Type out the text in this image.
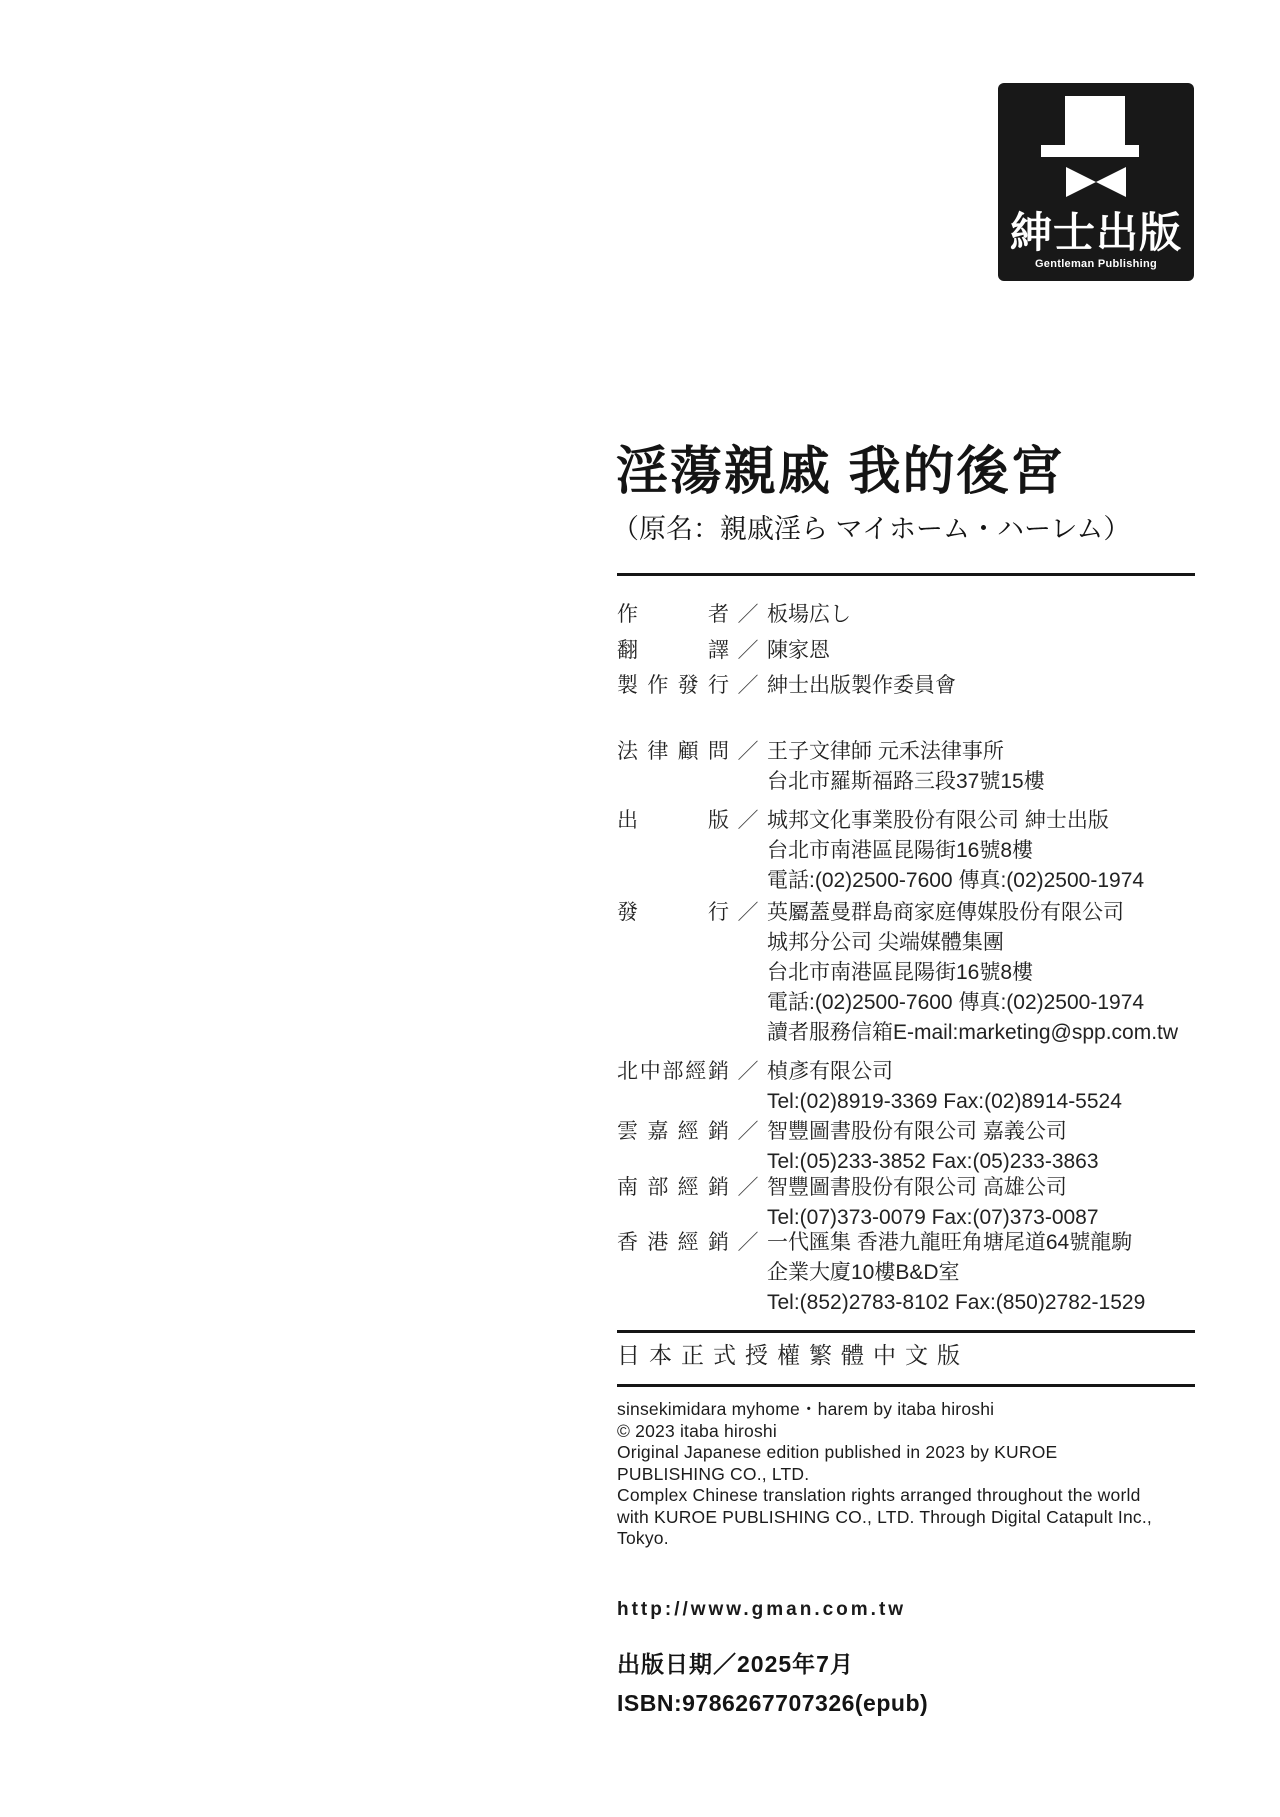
紳士出版
Gentleman Publishing
淫蕩親戚 我的後宮
（原名：親戚淫ら マイホーム・ハーレム）
作	者 ／ 板場広し
翻	譯 ／ 陳家恩
製 作 發 行 ／ 紳士出版製作委員會
法 律 顧 問 ／ 王子文律師 元禾法律事所
台北市羅斯福路三段37號15樓
出	版 ／ 城邦文化事業股份有限公司 紳士出版
台北市南港區昆陽街16號8樓
電話:(02)2500-7600 傳真:(02)2500-1974
發	行 ／ 英屬蓋曼群島商家庭傳媒股份有限公司
城邦分公司 尖端媒體集團
台北市南港區昆陽街16號8樓
電話:(02)2500-7600 傳真:(02)2500-1974
讀者服務信箱E-mail:marketing@spp.com.tw
北 中 部 經 銷 ／ 楨彥有限公司
Tel:(02)8919-3369 Fax:(02)8914-5524
雲 嘉 經 銷 ／ 智豐圖書股份有限公司 嘉義公司
Tel:(05)233-3852 Fax:(05)233-3863
南 部 經 銷 ／ 智豐圖書股份有限公司 高雄公司
Tel:(07)373-0079 Fax:(07)373-0087
香 港 經 銷 ／ 一代匯集 香港九龍旺角塘尾道64號龍駒
企業大廈10樓B&D室
Tel:(852)2783-8102 Fax:(850)2782-1529
日本正式授權繁體中文版
sinsekimidara myhome・harem by itaba hiroshi
© 2023 itaba hiroshi
Original Japanese edition published in 2023 by KUROE
PUBLISHING CO., LTD.
Complex Chinese translation rights arranged throughout the world
with KUROE PUBLISHING CO., LTD. Through Digital Catapult Inc.,
Tokyo.
http://www.gman.com.tw
出版日期／2025年7月
ISBN:9786267707326(epub)
